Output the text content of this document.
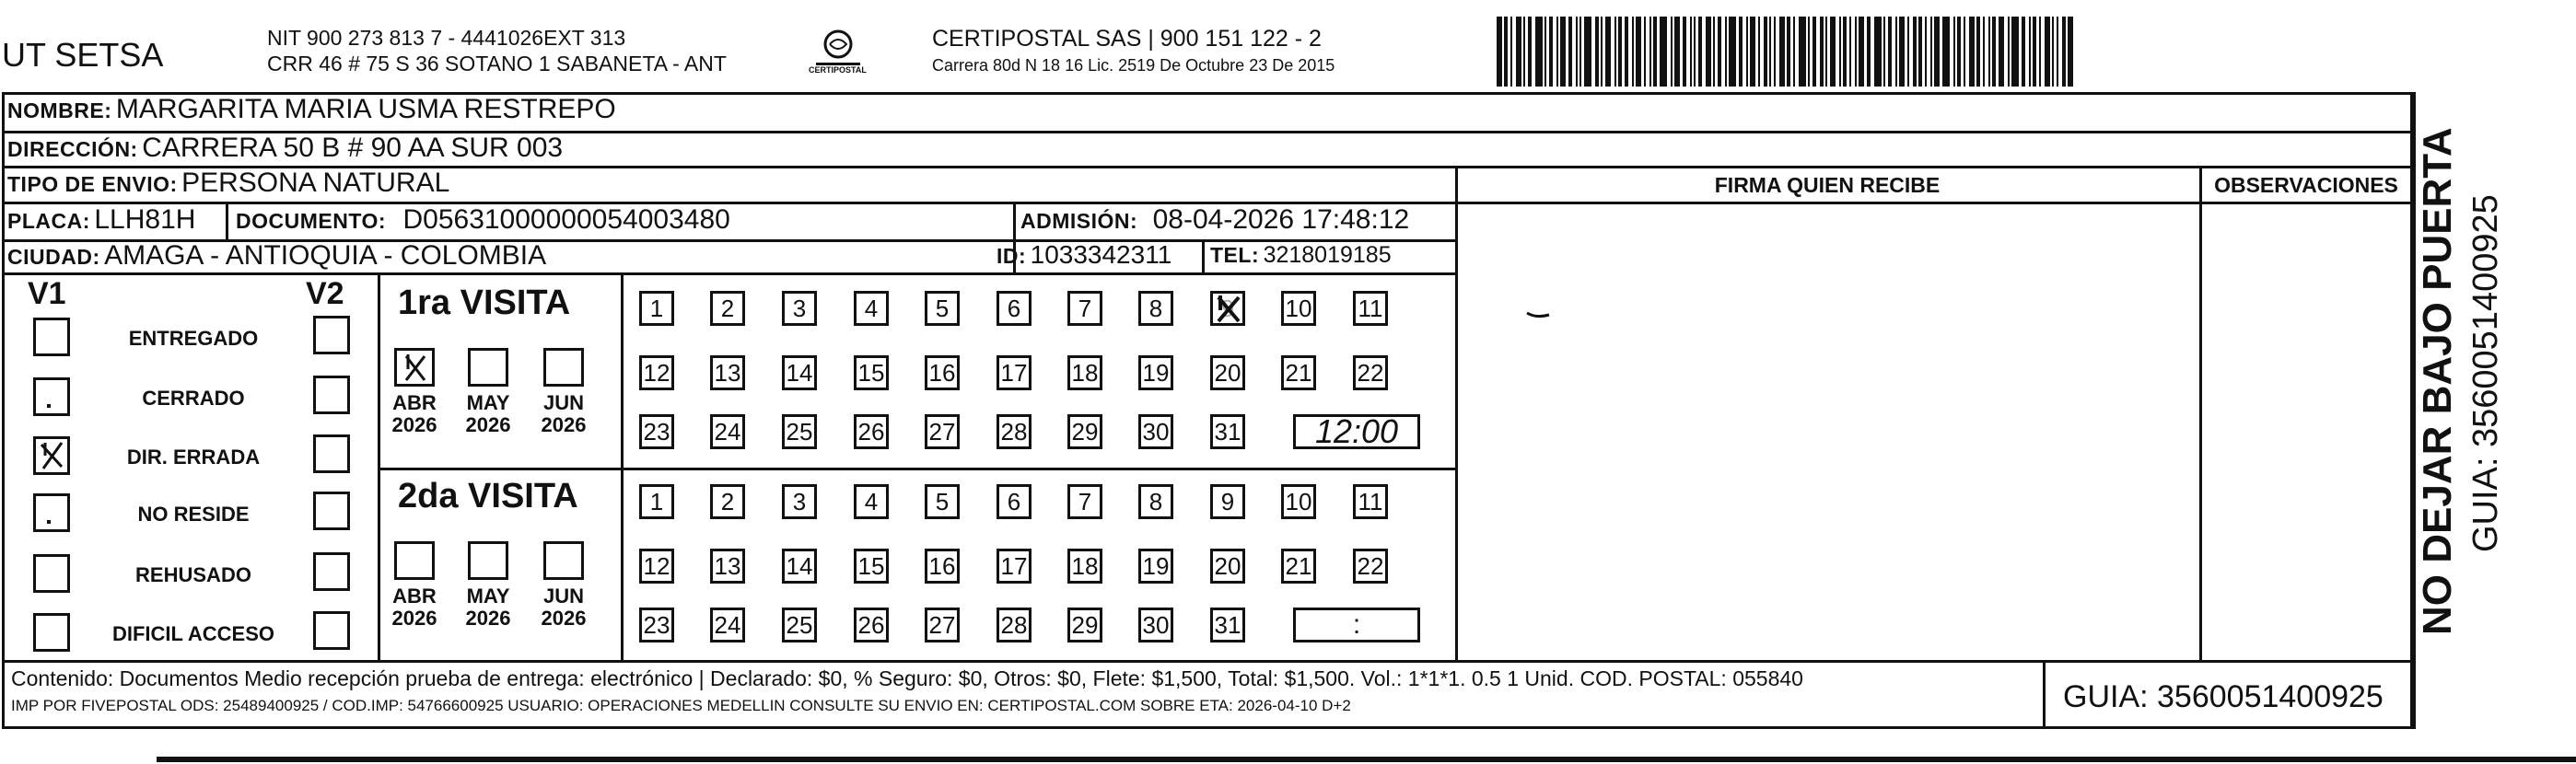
UT SETSA	NIT 900 273 813 7 - 4441026EXT 313
CRR 46 # 75 S 36 SOTANO 1 SABANETA - ANT	CERTIPOSTAL
CERTIPOSTAL SAS | 900 151 122 - 2
Carrera 80d N 18 16 Lic. 2519 De Octubre 23 De 2015
NOMBRE: MARGARITA MARIA USMA RESTREPO
DIRECCIÓN: CARRERA 50 B # 90 AA SUR 003
TIPO DE ENVIO: PERSONA NATURAL
PLACA: LLH81H DOCUMENTO: D05631000000054003480	ADMISIÓN: 08-04-2026 17:48:12
CIUDAD: AMAGA - ANTIOQUIA - COLOMBIA	ID: 1033342311 TEL: 3218019185
FIRMA QUIEN RECIBE	OBSERVACIONES
V1	V2
ENTREGADO
CERRADO
DIR. ERRADA
NO RESIDE
REHUSADO
DIFICIL ACCESO
1ra VISITA
ABR
2026
MAY
2026
JUN
2026
1 2 3 4 5 6 7 8 9 10 11
12 13 14 15 16 17 18 19 20 21 22
23 24 25 26 27 28 29 30 31 12:00
2da VISITA
ABR
2026
MAY
2026
JUN
2026
1 2 3 4 5 6 7 8 9 10 11
12 13 14 15 16 17 18 19 20 21 22
23 24 25 26 27 28 29 30 31	:
Contenido: Documentos Medio recepción prueba de entrega: electrónico | Declarado: $0, % Seguro: $0, Otros: $0, Flete: $1,500, Total: $1,500. Vol.: 1*1*1. 0.5 1 Unid. COD. POSTAL: 055840
IMP POR FIVEPOSTAL ODS: 25489400925 / COD.IMP: 54766600925 USUARIO: OPERACIONES MEDELLIN CONSULTE SU ENVIO EN: CERTIPOSTAL.COM SOBRE ETA: 2026-04-10 D+2	GUIA: 3560051400925
NO DEJAR BAJO PUERTA GUIA: 3560051400925
